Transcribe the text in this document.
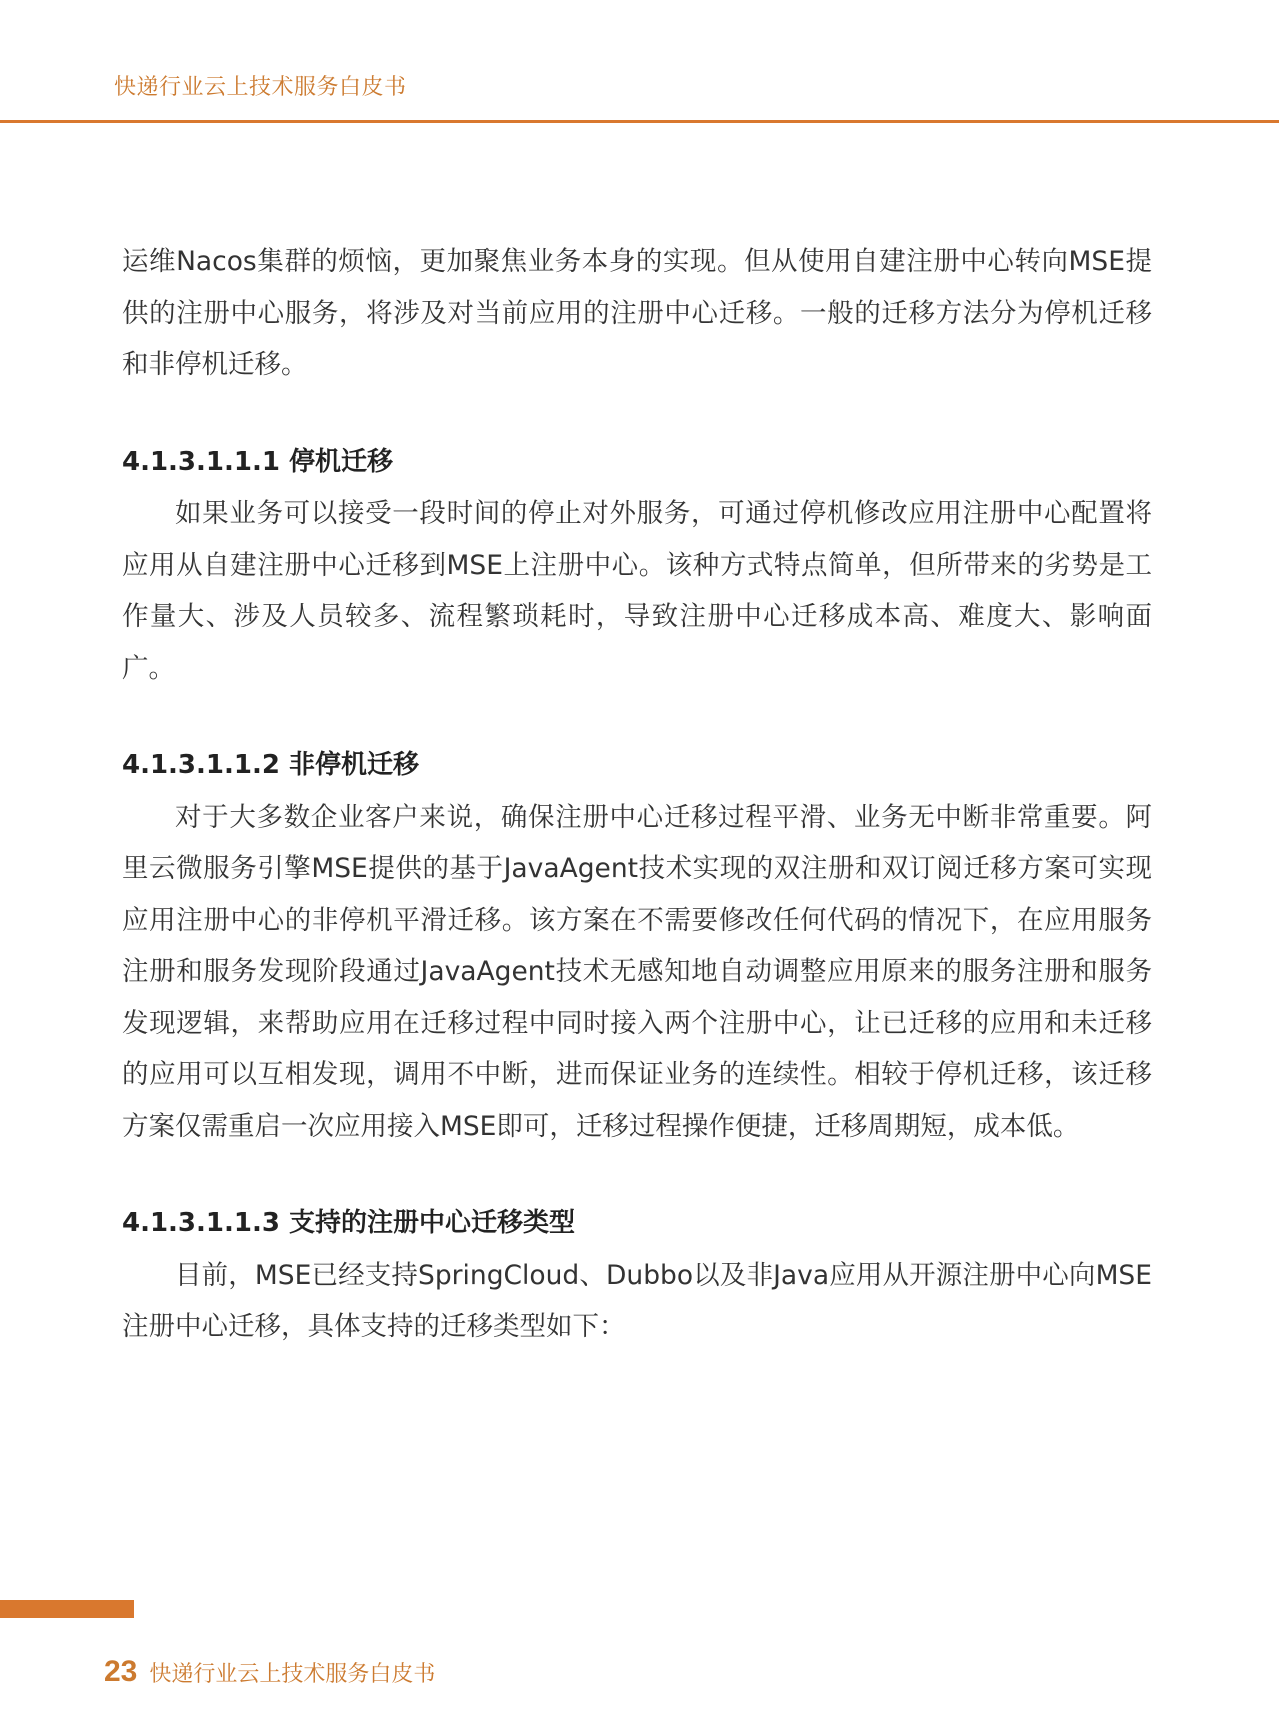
快递行业云上技术服务白皮书

运维Nacos集群的烦恼，更加聚焦业务本身的实现。但从使用自建注册中心转向MSE提供的注册中心服务，将涉及对当前应用的注册中心迁移。一般的迁移方法分为停机迁移和非停机迁移。

4.1.3.1.1.1 停机迁移

如果业务可以接受一段时间的停止对外服务，可通过停机修改应用注册中心配置将应用从自建注册中心迁移到MSE上注册中心。该种方式特点简单，但所带来的劣势是工作量大、涉及人员较多、流程繁琐耗时，导致注册中心迁移成本高、难度大、影响面广。

4.1.3.1.1.2 非停机迁移

对于大多数企业客户来说，确保注册中心迁移过程平滑、业务无中断非常重要。阿里云微服务引擎MSE提供的基于JavaAgent技术实现的双注册和双订阅迁移方案可实现应用注册中心的非停机平滑迁移。该方案在不需要修改任何代码的情况下，在应用服务注册和服务发现阶段通过JavaAgent技术无感知地自动调整应用原来的服务注册和服务发现逻辑，来帮助应用在迁移过程中同时接入两个注册中心，让已迁移的应用和未迁移的应用可以互相发现，调用不中断，进而保证业务的连续性。相较于停机迁移，该迁移方案仅需重启一次应用接入MSE即可，迁移过程操作便捷，迁移周期短，成本低。

4.1.3.1.1.3 支持的注册中心迁移类型

目前，MSE已经支持SpringCloud、Dubbo以及非Java应用从开源注册中心向MSE注册中心迁移，具体支持的迁移类型如下：

23 快递行业云上技术服务白皮书
